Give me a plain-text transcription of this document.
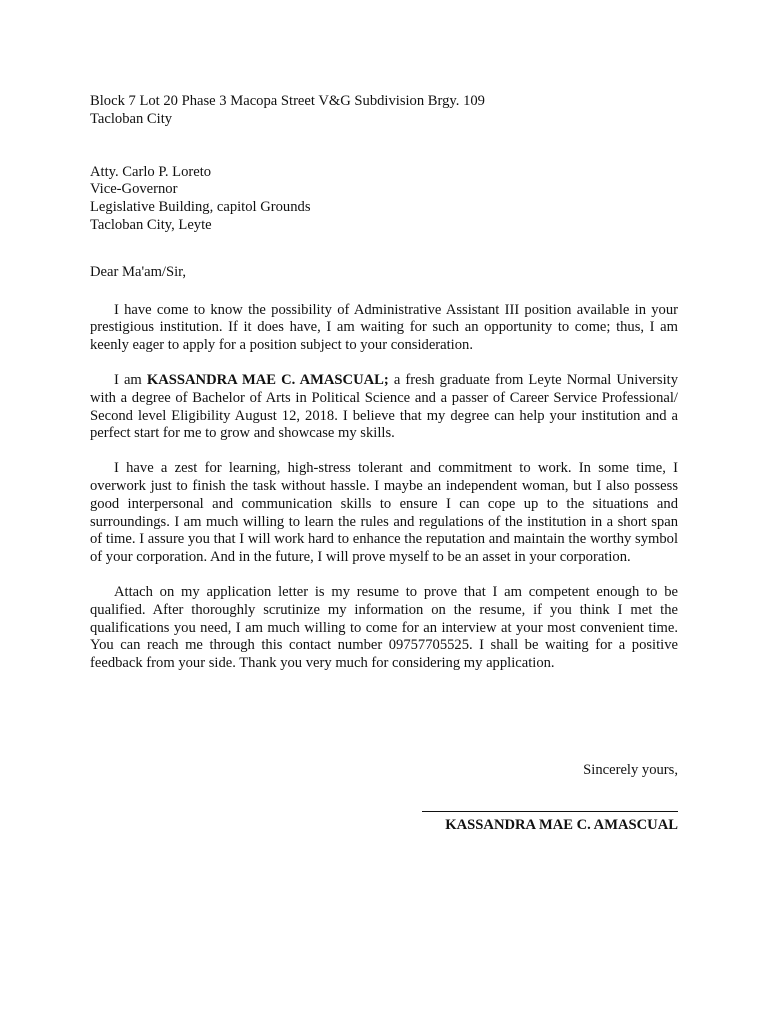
Block 7 Lot 20 Phase 3 Macopa Street V&G Subdivision Brgy. 109
Tacloban City
Atty. Carlo P. Loreto
Vice-Governor
Legislative Building, capitol Grounds
Tacloban City, Leyte
Dear Ma'am/Sir,

I have come to know the possibility of Administrative Assistant III position available in your prestigious institution. If it does have, I am waiting for such an opportunity to come; thus, I am keenly eager to apply for a position subject to your consideration.

I am KASSANDRA MAE C. AMASCUAL; a fresh graduate from Leyte Normal University with a degree of Bachelor of Arts in Political Science and a passer of Career Service Professional/ Second level Eligibility August 12, 2018. I believe that my degree can help your institution and a perfect start for me to grow and showcase my skills.

I have a zest for learning, high-stress tolerant and commitment to work. In some time, I overwork just to finish the task without hassle. I maybe an independent woman, but I also possess good interpersonal and communication skills to ensure I can cope up to the situations and surroundings. I am much willing to learn the rules and regulations of the institution in a short span of time. I assure you that I will work hard to enhance the reputation and maintain the worthy symbol of your corporation. And in the future, I will prove myself to be an asset in your corporation.

Attach on my application letter is my resume to prove that I am competent enough to be qualified. After thoroughly scrutinize my information on the resume, if you think I met the qualifications you need, I am much willing to come for an interview at your most convenient time. You can reach me through this contact number 09757705525. I shall be waiting for a positive feedback from your side. Thank you very much for considering my application.

Sincerely yours,
KASSANDRA MAE C. AMASCUAL
